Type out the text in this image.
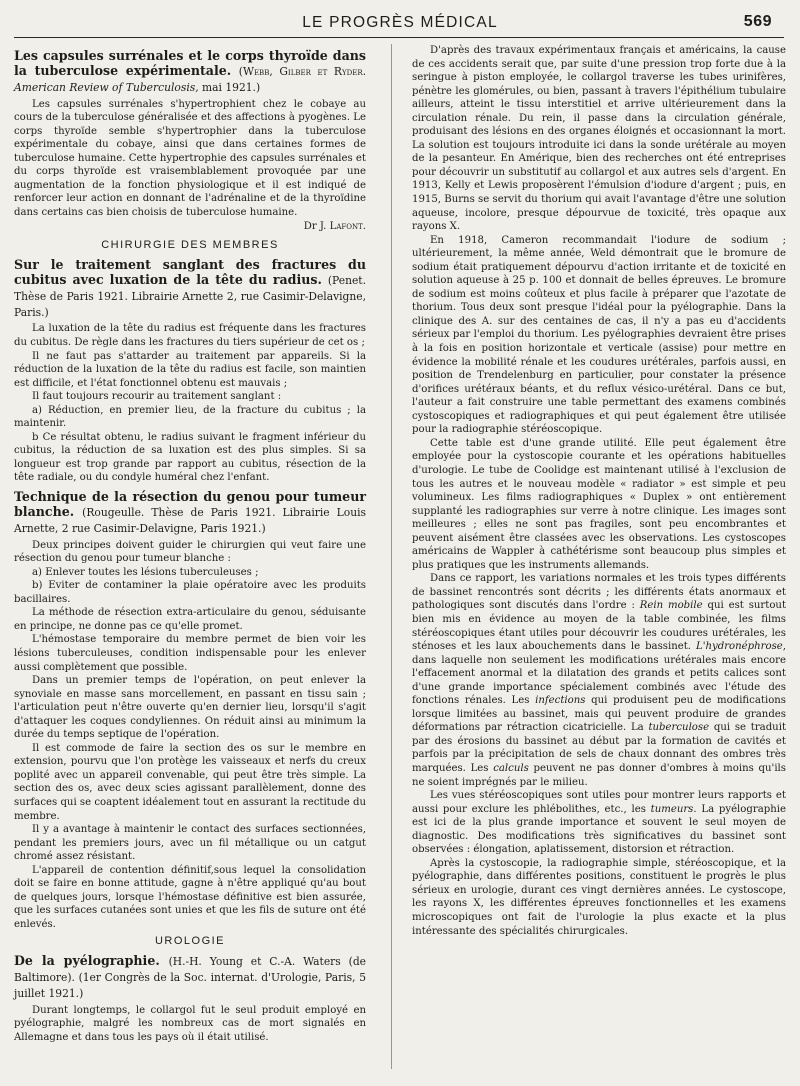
LE PROGRÈS MÉDICAL	569

Les capsules surrénales et le corps thyroïde dans la tuberculose expérimentale. (Webb, Gilber et Ryder. American Review of Tuberculosis, mai 1921.)

Les capsules surrénales s'hypertrophient chez le cobaye au cours de la tuberculose généralisée et des affections à pyogènes. Le corps thyroïde semble s'hypertrophier dans la tuberculose expérimentale du cobaye, ainsi que dans certaines formes de tuberculose humaine. Cette hypertrophie des capsules surrénales et du corps thyroïde est vraisemblablement provoquée par une augmentation de la fonction physiologique et il est indiqué de renforcer leur action en donnant de l'adrénaline et de la thyroïdine dans certains cas bien choisis de tuberculose humaine.

Dr J. Lafont.

CHIRURGIE DES MEMBRES

Sur le traitement sanglant des fractures du cubitus avec luxation de la tête du radius. (Penet. Thèse de Paris 1921. Librairie Arnette 2, rue Casimir-Delavigne, Paris.)

La luxation de la tête du radius est fréquente dans les fractures du cubitus. De règle dans les fractures du tiers supérieur de cet os ;

Il ne faut pas s'attarder au traitement par appareils. Si la réduction de la luxation de la tête du radius est facile, son maintien est difficile, et l'état fonctionnel obtenu est mauvais ;

Il faut toujours recourir au traitement sanglant :

a) Réduction, en premier lieu, de la fracture du cubitus ; la maintenir.

b Ce résultat obtenu, le radius suivant le fragment inférieur du cubitus, la réduction de sa luxation est des plus simples. Si sa longueur est trop grande par rapport au cubitus, résection de la tête radiale, ou du condyle huméral chez l'enfant.

Technique de la résection du genou pour tumeur blanche. (Rougeulle. Thèse de Paris 1921. Librairie Louis Arnette, 2 rue Casimir-Delavigne, Paris 1921.)

Deux principes doivent guider le chirurgien qui veut faire une résection du genou pour tumeur blanche :

a) Enlever toutes les lésions tuberculeuses ;

b) Eviter de contaminer la plaie opératoire avec les produits bacillaires.

La méthode de résection extra-articulaire du genou, séduisante en principe, ne donne pas ce qu'elle promet.

L'hémostase temporaire du membre permet de bien voir les lésions tuberculeuses, condition indispensable pour les enlever aussi complètement que possible.

Dans un premier temps de l'opération, on peut enlever la synoviale en masse sans morcellement, en passant en tissu sain ; l'articulation peut n'être ouverte qu'en dernier lieu, lorsqu'il s'agit d'attaquer les coques condyliennes. On réduit ainsi au minimum la durée du temps septique de l'opération.

Il est commode de faire la section des os sur le membre en extension, pourvu que l'on protège les vaisseaux et nerfs du creux poplité avec un appareil convenable, qui peut être très simple. La section des os, avec deux scies agissant parallèlement, donne des surfaces qui se coaptent idéalement tout en assurant la rectitude du membre.

Il y a avantage à maintenir le contact des surfaces sectionnées, pendant les premiers jours, avec un fil métallique ou un catgut chromé assez résistant.

L'appareil de contention définitif,sous lequel la consolidation doit se faire en bonne attitude, gagne à n'être appliqué qu'au bout de quelques jours, lorsque l'hémostase définitive est bien assurée, que les surfaces cutanées sont unies et que les fils de suture ont été enlevés.

UROLOGIE

De la pyélographie. (H.-H. Young et C.-A. Waters (de Baltimore). (1er Congrès de la Soc. internat. d'Urologie, Paris, 5 juillet 1921.)

Durant longtemps, le collargol fut le seul produit employé en pyélographie, malgré les nombreux cas de mort signalés en Allemagne et dans tous les pays où il était utilisé.

D'après des travaux expérimentaux français et américains, la cause de ces accidents serait que, par suite d'une pression trop forte due à la seringue à piston employée, le collargol traverse les tubes urinifères, pénètre les glomérules, ou bien, passant à travers l'épithélium tubulaire ailleurs, atteint le tissu interstitiel et arrive ultérieurement dans la circulation rénale. Du rein, il passe dans la circulation générale, produisant des lésions en des organes éloignés et occasionnant la mort. La solution est toujours introduite ici dans la sonde urétérale au moyen de la pesanteur. En Amérique, bien des recherches ont été entreprises pour découvrir un substitutif au collargol et aux autres sels d'argent. En 1913, Kelly et Lewis proposèrent l'émulsion d'iodure d'argent ; puis, en 1915, Burns se servit du thorium qui avait l'avantage d'être une solution aqueuse, incolore, presque dépourvue de toxicité, très opaque aux rayons X.

En 1918, Cameron recommandait l'iodure de sodium ; ultérieurement, la même année, Weld démontrait que le bromure de sodium était pratiquement dépourvu d'action irritante et de toxicité en solution aqueuse à 25 p. 100 et donnait de belles épreuves. Le bromure de sodium est moins coûteux et plus facile à préparer que l'azotate de thorium. Tous deux sont presque l'idéal pour la pyélographie. Dans la clinique des A. sur des centaines de cas, il n'y a pas eu d'accidents sérieux par l'emploi du thorium. Les pyélographies devraient être prises à la fois en position horizontale et verticale (assise) pour mettre en évidence la mobilité rénale et les coudures urétérales, parfois aussi, en position de Trendelenburg en particulier, pour constater la présence d'orifices urétéraux béants, et du reflux vésico-urétéral. Dans ce but, l'auteur a fait construire une table permettant des examens combinés cystoscopiques et radiographiques et qui peut également être utilisée pour la radiographie stéréoscopique.

Cette table est d'une grande utilité. Elle peut également être employée pour la cystoscopie courante et les opérations habituelles d'urologie. Le tube de Coolidge est maintenant utilisé à l'exclusion de tous les autres et le nouveau modèle « radiator » est simple et peu volumineux. Les films radiographiques « Duplex » ont entièrement supplanté les radiographies sur verre à notre clinique. Les images sont meilleures ; elles ne sont pas fragiles, sont peu encombrantes et peuvent aisément être classées avec les observations. Les cystoscopes américains de Wappler à cathétérisme sont beaucoup plus simples et plus pratiques que les instruments allemands.

Dans ce rapport, les variations normales et les trois types différents de bassinet rencontrés sont décrits ; les différents états anormaux et pathologiques sont discutés dans l'ordre : Rein mobile qui est surtout bien mis en évidence au moyen de la table combinée, les films stéréoscopiques étant utiles pour découvrir les coudures urétérales, les sténoses et les laux abouchements dans le bassinet. L'hydronéphrose, dans laquelle non seulement les modifications urétérales mais encore l'effacement anormal et la dilatation des grands et petits calices sont d'une grande importance spécialement combinés avec l'étude des fonctions rénales. Les infections qui produisent peu de modifications lorsque limitées au bassinet, mais qui peuvent produire de grandes déformations par rétraction cicatricielle. La tuberculose qui se traduit par des érosions du bassinet au début par la formation de cavités et parfois par la précipitation de sels de chaux donnant des ombres très marquées. Les calculs peuvent ne pas donner d'ombres à moins qu'ils ne soient imprégnés par le milieu.

Les vues stéréoscopiques sont utiles pour montrer leurs rapports et aussi pour exclure les phlébolithes, etc., les tumeurs. La pyélographie est ici de la plus grande importance et souvent le seul moyen de diagnostic. Des modifications très significatives du bassinet sont observées : élongation, aplatissement, distorsion et rétraction.

Après la cystoscopie, la radiographie simple, stéréoscopique, et la pyélographie, dans différentes positions, constituent le progrès le plus sérieux en urologie, durant ces vingt dernières années. Le cystoscope, les rayons X, les différentes épreuves fonctionnelles et les examens microscopiques ont fait de l'urologie la plus exacte et la plus intéressante des spécialités chirurgicales.
